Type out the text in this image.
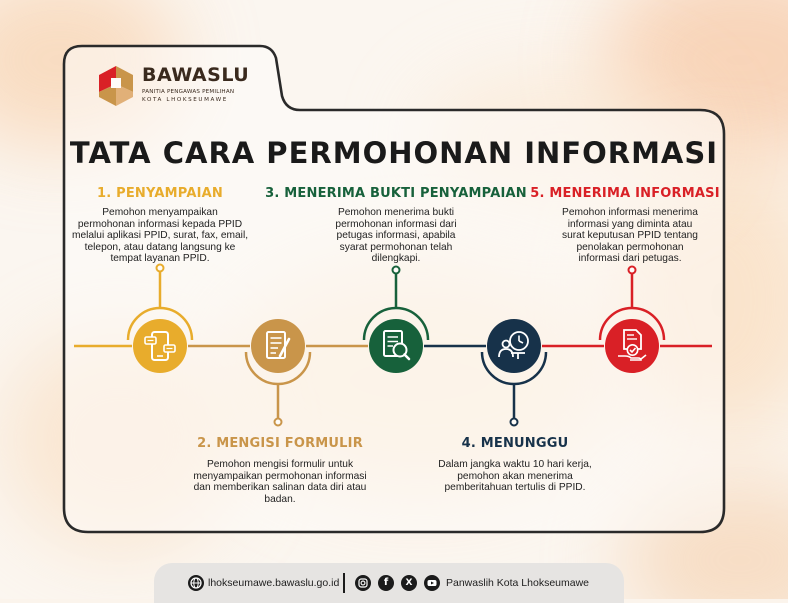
BAWASLU
PANITIA PENGAWAS PEMILIHAN
KOTA LHOKSEUMAWE
TATA CARA PERMOHONAN INFORMASI
1. PENYAMPAIAN
2. MENGISI FORMULIR
3. MENERIMA BUKTI PENYAMPAIAN
4. MENUNGGU
5. MENERIMA INFORMASI
Pemohon menyampaikan
permohonan informasi kepada PPID
melalui aplikasi PPID, surat, fax, email,
telepon, atau datang langsung ke
tempat layanan PPID.
Pemohon mengisi formulir untuk
menyampaikan permohonan informasi
dan memberikan salinan data diri atau
badan.
Pemohon menerima bukti
permohonan informasi dari
petugas informasi, apabila
syarat permohonan telah
dilengkapi.
Dalam jangka waktu 10 hari kerja,
pemohon akan menerima
pemberitahuan tertulis di PPID.
Pemohon informasi menerima
informasi yang diminta atau
surat keputusan PPID tentang
penolakan permohonan
informasi dari petugas.
lhokseumawe.bawaslu.go.id	f	X	Panwaslih Kota Lhokseumawe
